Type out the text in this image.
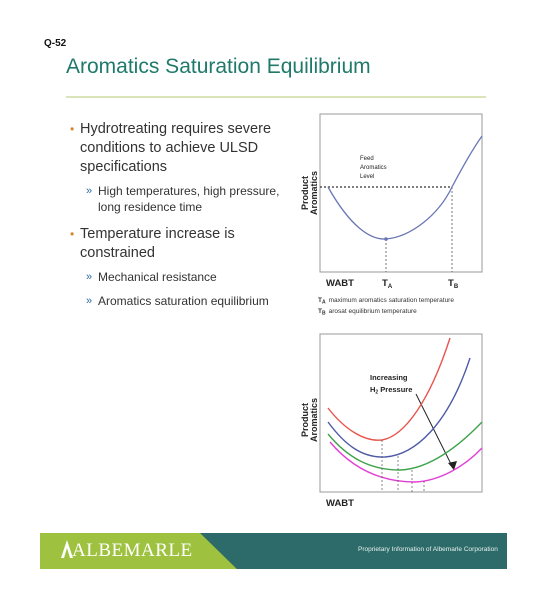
Q-52
Aromatics Saturation Equilibrium
• Hydrotreating requires severe conditions to achieve ULSD specifications
» High temperatures, high pressure, long residence time
• Temperature increase is constrained
» Mechanical resistance
» Aromatics saturation equilibrium
Product Aromatics
Feed
Aromatics
Level
WABT	$T_A$	$T_B$
$T_A$ maximum aromatics saturation temperature
$T_B$ arosat equilibrium temperature
Product Aromatics
Increasing
$H_2$ Pressure
WABT
ALBEMARLE	Proprietary Information of Albemarle Corporation
